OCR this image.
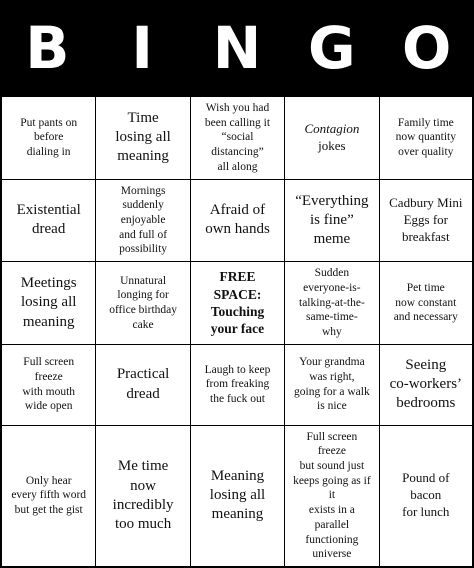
B	I	N G O
Put pants on
before
dialing in
Time
losing all
meaning
Wish you had
been calling it
“social distancing”
all along
Contagion
jokes
Family time
now quantity
over quality
Existential
dread
Mornings
suddenly enjoyable
and full of
possibility
Afraid of
own hands
“Everything
is fine”
meme
Cadbury Mini
Eggs for
breakfast
Meetings
losing all
meaning
Unnatural
longing for
office birthday
cake
FREE SPACE:
Touching
your face
Sudden
everyone-is-
talking-at-the-
same-time-
why
Pet time
now constant
and necessary
Full screen freeze
with mouth
wide open
Practical
dread
Laugh to keep
from freaking
the fuck out
Your grandma
was right,
going for a walk
is nice
Seeing
co-workers’
bedrooms
Only hear
every fifth word
but get the gist
Me time
now incredibly
too much
Meaning
losing all
meaning
Full screen freeze
but sound just
keeps going as if it
exists in a parallel
functioning
universe
Pound of
bacon
for lunch
